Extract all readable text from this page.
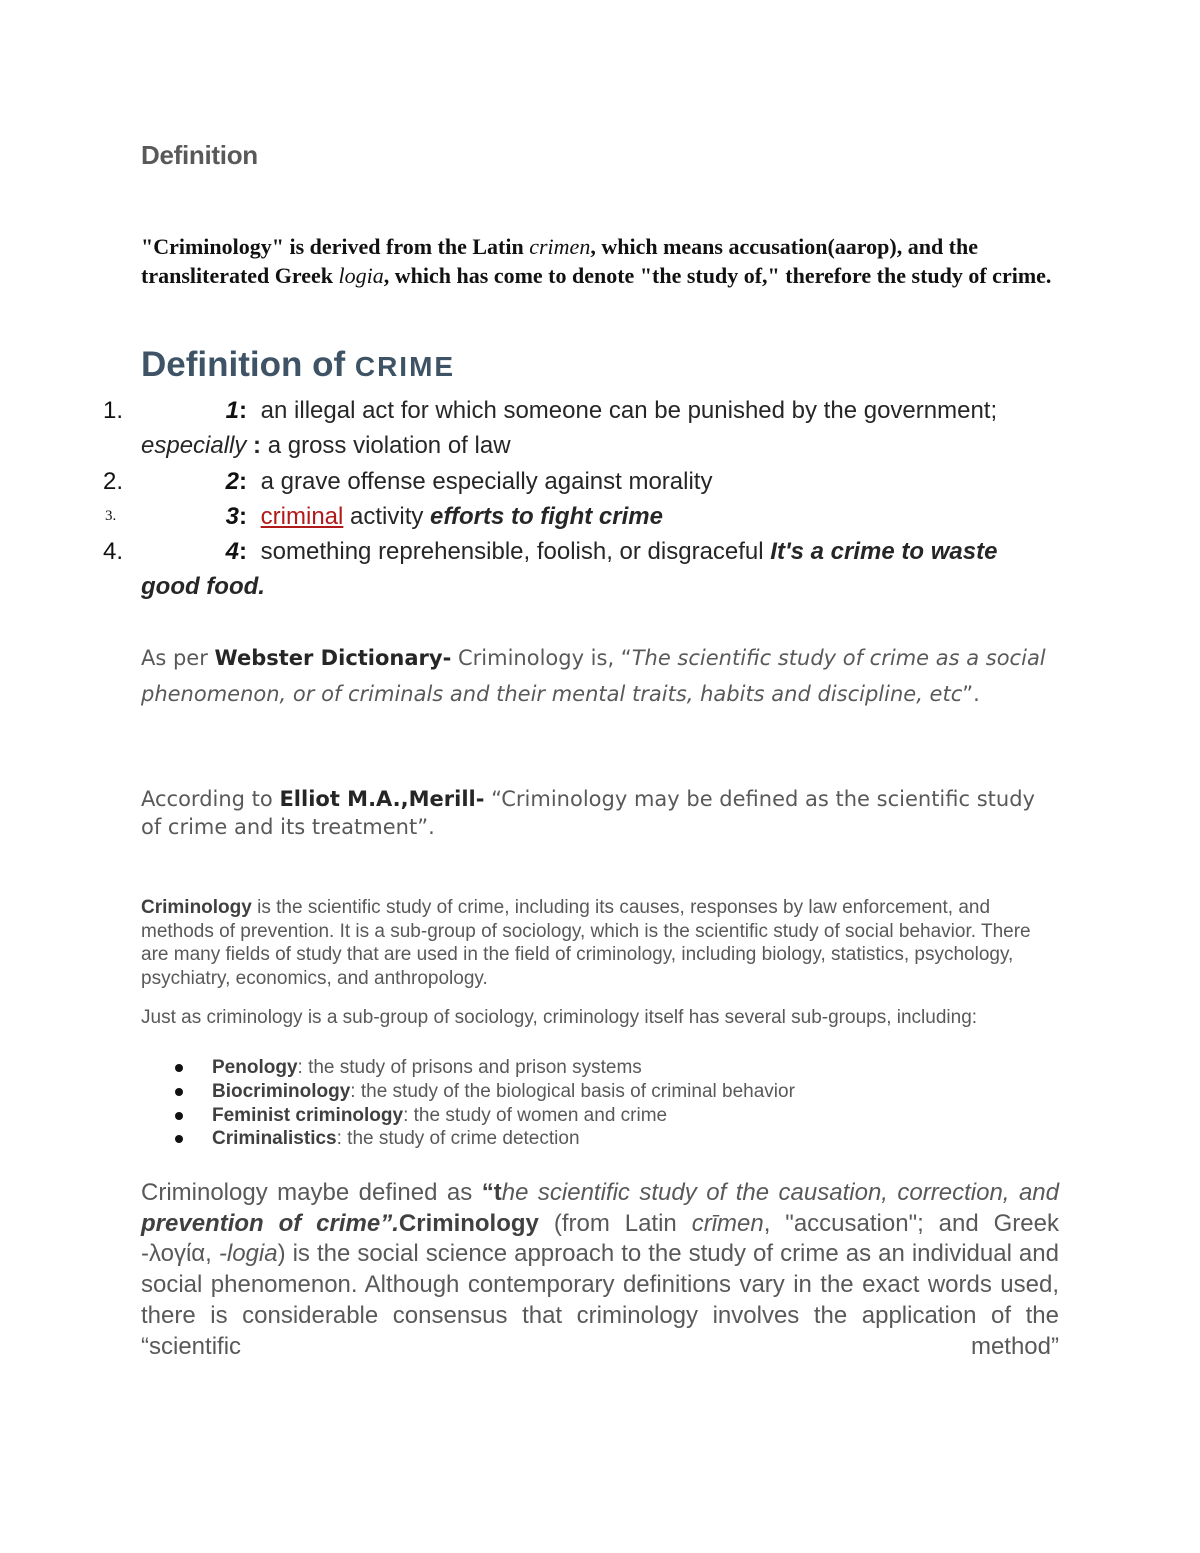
Definition

"Criminology" is derived from the Latin crimen, which means accusation(aarop), and the transliterated Greek logia, which has come to denote "the study of," therefore the study of crime.

Definition of CRIME
1.	1: an illegal act for which someone can be punished by the government; especially : a gross violation of law
2.	2: a grave offense especially against morality
3.	3: criminal activity efforts to fight crime
4.	4: something reprehensible, foolish, or disgraceful It's a crime to waste good food.

As per Webster Dictionary- Criminology is, “The scientific study of crime as a social phenomenon, or of criminals and their mental traits, habits and discipline, etc”.

According to Elliot M.A.,Merill- “Criminology may be defined as the scientific study of crime and its treatment”.

Criminology is the scientific study of crime, including its causes, responses by law enforcement, and methods of prevention. It is a sub-group of sociology, which is the scientific study of social behavior. There are many fields of study that are used in the field of criminology, including biology, statistics, psychology, psychiatry, economics, and anthropology.

Just as criminology is a sub-group of sociology, criminology itself has several sub-groups, including:

Penology: the study of prisons and prison systems
Biocriminology: the study of the biological basis of criminal behavior
Feminist criminology: the study of women and crime
Criminalistics: the study of crime detection

Criminology maybe defined as “the scientific study of the causation, correction, and prevention of crime”.Criminology (from Latin crīmen, "accusation"; and Greek -λογία, -logia) is the social science approach to the study of crime as an individual and social phenomenon. Although contemporary definitions vary in the exact words used, there is considerable consensus that criminology involves the application of the “scientific method”
